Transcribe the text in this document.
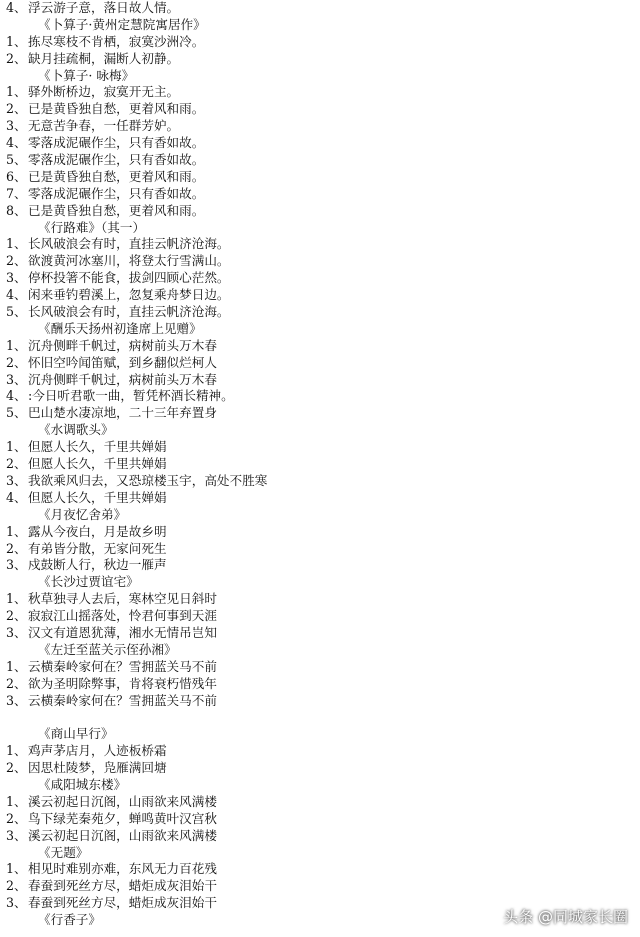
4、浮云游子意，落日故人情。
《卜算子·黄州定慧院寓居作》
1、拣尽寒枝不肯栖，寂寞沙洲冷。
2、缺月挂疏桐，漏断人初静。
《卜算子· 咏梅》
1、驿外断桥边，寂寞开无主。
2、已是黄昏独自愁，更着风和雨。
3、无意苦争春，一任群芳妒。
4、零落成泥碾作尘，只有香如故。
5、零落成泥碾作尘，只有香如故。
6、已是黄昏独自愁，更着风和雨。
7、零落成泥碾作尘，只有香如故。
8、已是黄昏独自愁，更着风和雨。
《行路难》（其一）
1、长风破浪会有时，直挂云帆济沧海。
2、欲渡黄河冰塞川，将登太行雪满山。
3、停杯投箸不能食，拔剑四顾心茫然。
4、闲来垂钓碧溪上，忽复乘舟梦日边。
5、长风破浪会有时，直挂云帆济沧海。
《酬乐天扬州初逢席上见赠》
1、沉舟侧畔千帆过，病树前头万木春
2、怀旧空吟闻笛赋，到乡翻似烂柯人
3、沉舟侧畔千帆过，病树前头万木春
4、:今日听君歌一曲，暂凭杯酒长精神。
5、巴山楚水凄凉地，二十三年弃置身
《水调歌头》
1、但愿人长久，千里共婵娟
2、但愿人长久，千里共婵娟
3、我欲乘风归去，又恐琼楼玉宇，高处不胜寒
4、但愿人长久，千里共婵娟
《月夜忆舍弟》
1、露从今夜白，月是故乡明
2、有弟皆分散，无家问死生
3、戍鼓断人行，秋边一雁声
《长沙过贾谊宅》
1、秋草独寻人去后，寒林空见日斜时
2、寂寂江山摇落处，怜君何事到天涯
3、汉文有道恩犹薄，湘水无情吊岂知
《左迁至蓝关示侄孙湘》
1、云横秦岭家何在？雪拥蓝关马不前
2、欲为圣明除弊事，肯将衰朽惜残年
3、云横秦岭家何在？雪拥蓝关马不前
《商山早行》
1、鸡声茅店月，人迹板桥霜
2、因思杜陵梦，凫雁满回塘
《咸阳城东楼》
1、溪云初起日沉阁，山雨欲来风满楼
2、鸟下绿芜秦苑夕，蝉鸣黄叶汉宫秋
3、溪云初起日沉阁，山雨欲来风满楼
《无题》
1、相见时难别亦难，东风无力百花残
2、春蚕到死丝方尽，蜡炬成灰泪始干
3、春蚕到死丝方尽，蜡炬成灰泪始干
《行香子》	头条 @同城家长圈
